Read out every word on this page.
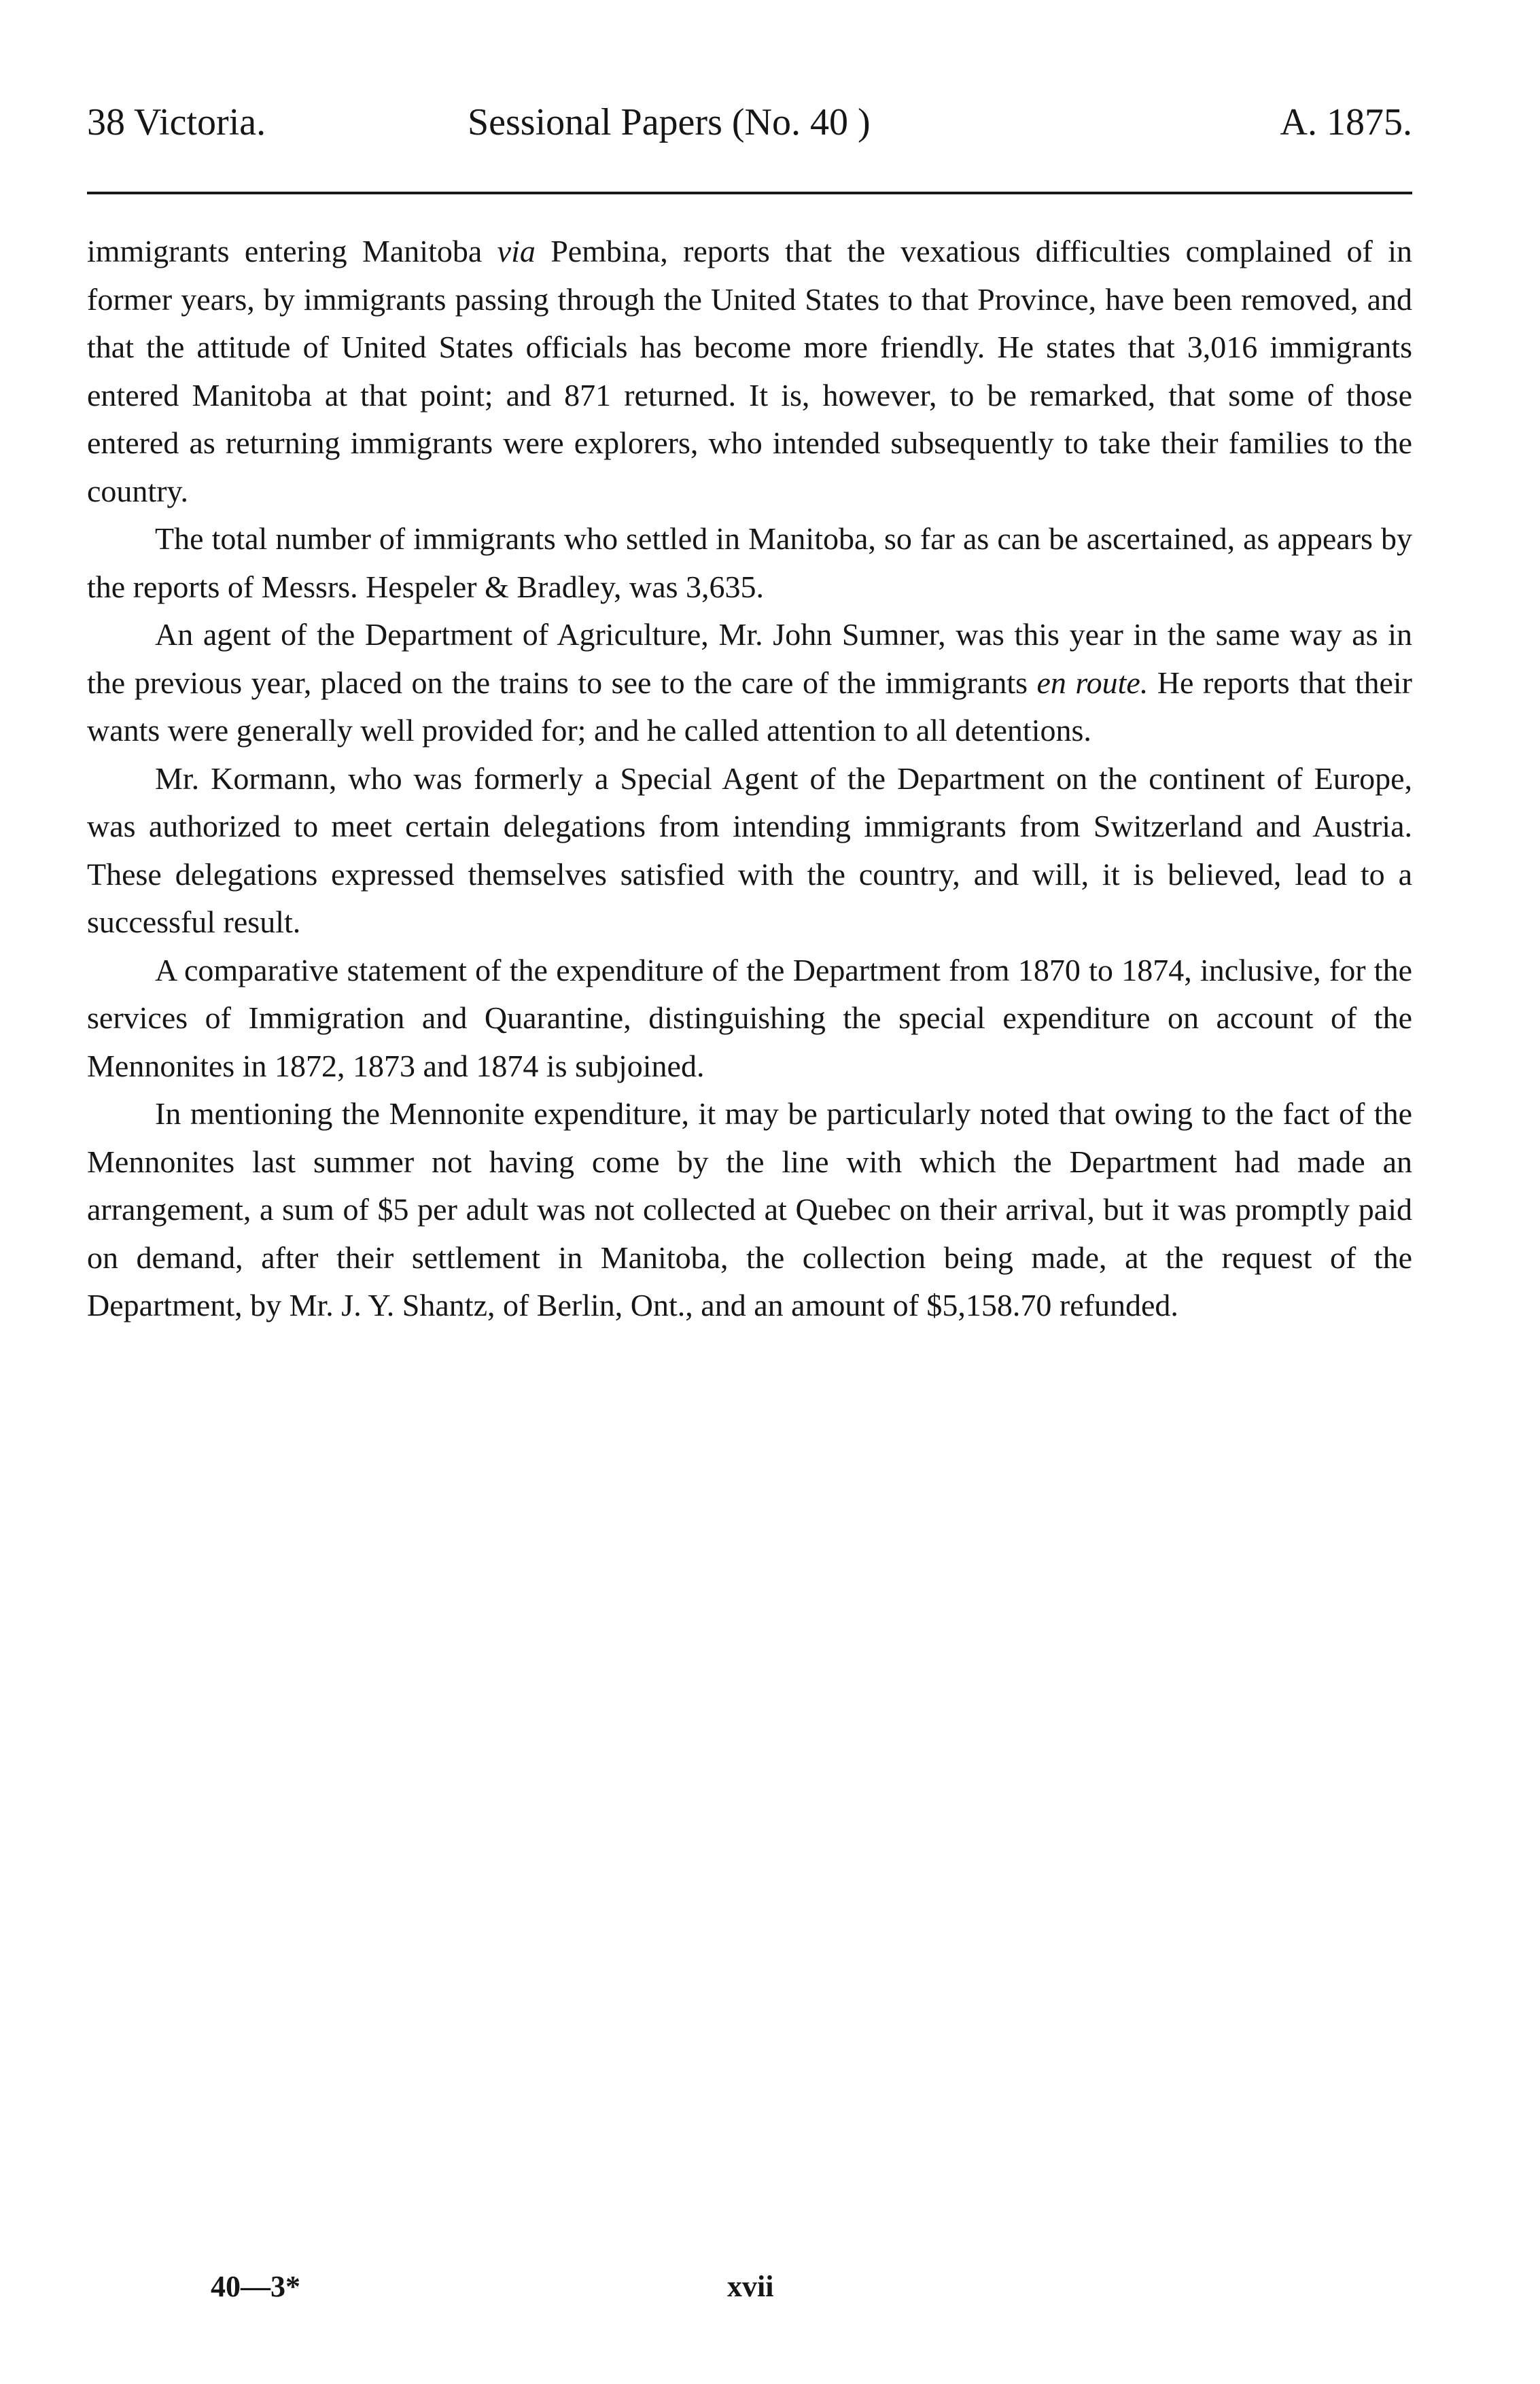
38 Victoria.	Sessional Papers (No. 40 )	A. 1875.

immigrants entering Manitoba via Pembina, reports that the vexatious difficulties complained of in former years, by immigrants passing through the United States to that Province, have been removed, and that the attitude of United States officials has become more friendly. He states that 3,016 immigrants entered Manitoba at that point; and 871 returned. It is, however, to be remarked, that some of those entered as returning immigrants were explorers, who intended subsequently to take their families to the country.

The total number of immigrants who settled in Manitoba, so far as can be ascertained, as appears by the reports of Messrs. Hespeler & Bradley, was 3,635.

An agent of the Department of Agriculture, Mr. John Sumner, was this year in the same way as in the previous year, placed on the trains to see to the care of the immigrants en route. He reports that their wants were generally well provided for; and he called attention to all detentions.

Mr. Kormann, who was formerly a Special Agent of the Department on the continent of Europe, was authorized to meet certain delegations from intending immigrants from Switzerland and Austria. These delegations expressed themselves satisfied with the country, and will, it is believed, lead to a successful result.

A comparative statement of the expenditure of the Department from 1870 to 1874, inclusive, for the services of Immigration and Quarantine, distinguishing the special expenditure on account of the Mennonites in 1872, 1873 and 1874 is subjoined.

In mentioning the Mennonite expenditure, it may be particularly noted that owing to the fact of the Mennonites last summer not having come by the line with which the Department had made an arrangement, a sum of $5 per adult was not collected at Quebec on their arrival, but it was promptly paid on demand, after their settlement in Manitoba, the collection being made, at the request of the Department, by Mr. J. Y. Shantz, of Berlin, Ont., and an amount of $5,158.70 refunded.

40—3*	xvii
